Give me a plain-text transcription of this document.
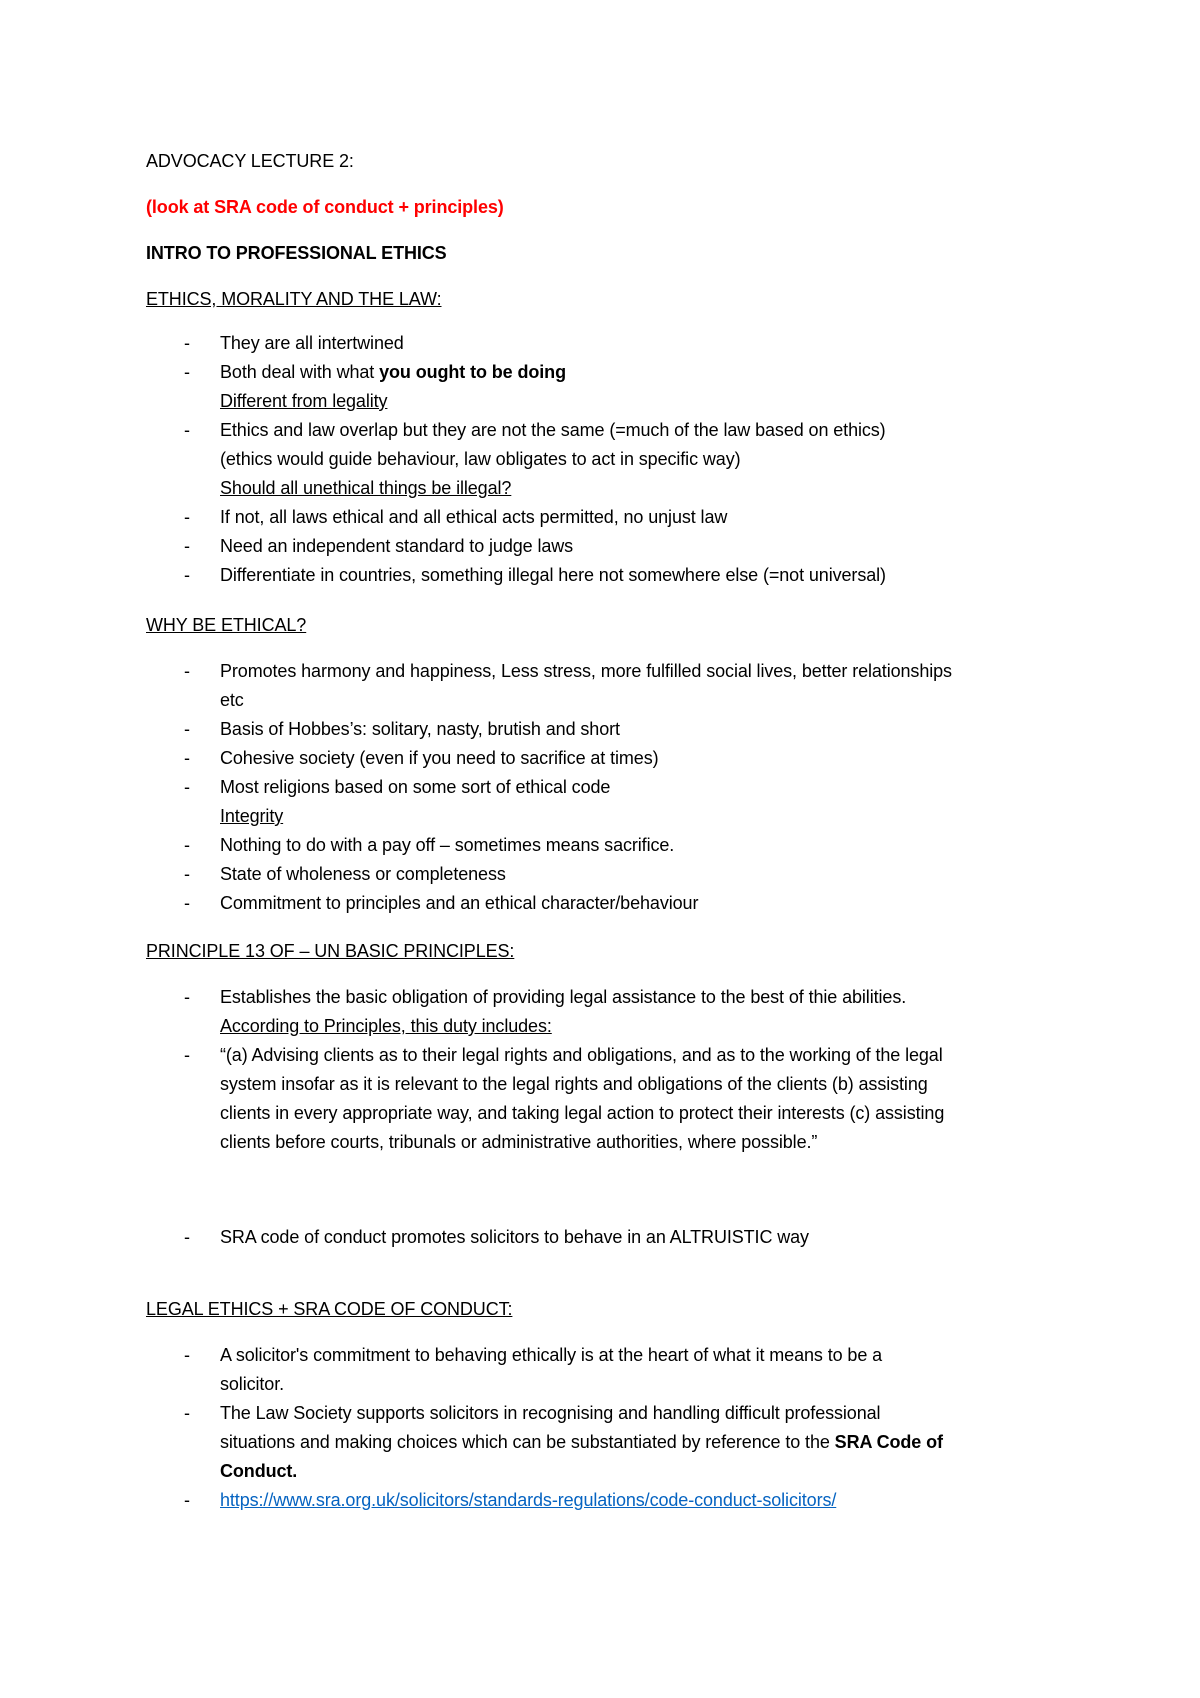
ADVOCACY LECTURE 2:
(look at SRA code of conduct + principles)
INTRO TO PROFESSIONAL ETHICS
ETHICS, MORALITY AND THE LAW:
- They are all intertwined
- Both deal with what you ought to be doing
Different from legality
- Ethics and law overlap but they are not the same (=much of the law based on ethics)
(ethics would guide behaviour, law obligates to act in specific way)
Should all unethical things be illegal?
- If not, all laws ethical and all ethical acts permitted, no unjust law
- Need an independent standard to judge laws
- Differentiate in countries, something illegal here not somewhere else (=not universal)
WHY BE ETHICAL?
- Promotes harmony and happiness, Less stress, more fulfilled social lives, better relationships
etc
- Basis of Hobbes’s: solitary, nasty, brutish and short
- Cohesive society (even if you need to sacrifice at times)
- Most religions based on some sort of ethical code
Integrity
- Nothing to do with a pay off – sometimes means sacrifice.
- State of wholeness or completeness
- Commitment to principles and an ethical character/behaviour
PRINCIPLE 13 OF – UN BASIC PRINCIPLES:
- Establishes the basic obligation of providing legal assistance to the best of thie abilities.
According to Principles, this duty includes:
- “(a) Advising clients as to their legal rights and obligations, and as to the working of the legal
system insofar as it is relevant to the legal rights and obligations of the clients (b) assisting
clients in every appropriate way, and taking legal action to protect their interests (c) assisting
clients before courts, tribunals or administrative authorities, where possible.”
- SRA code of conduct promotes solicitors to behave in an ALTRUISTIC way
LEGAL ETHICS + SRA CODE OF CONDUCT:
- A solicitor's commitment to behaving ethically is at the heart of what it means to be a
solicitor.
- The Law Society supports solicitors in recognising and handling difficult professional
situations and making choices which can be substantiated by reference to the SRA Code of
Conduct.
- https://www.sra.org.uk/solicitors/standards-regulations/code-conduct-solicitors/
